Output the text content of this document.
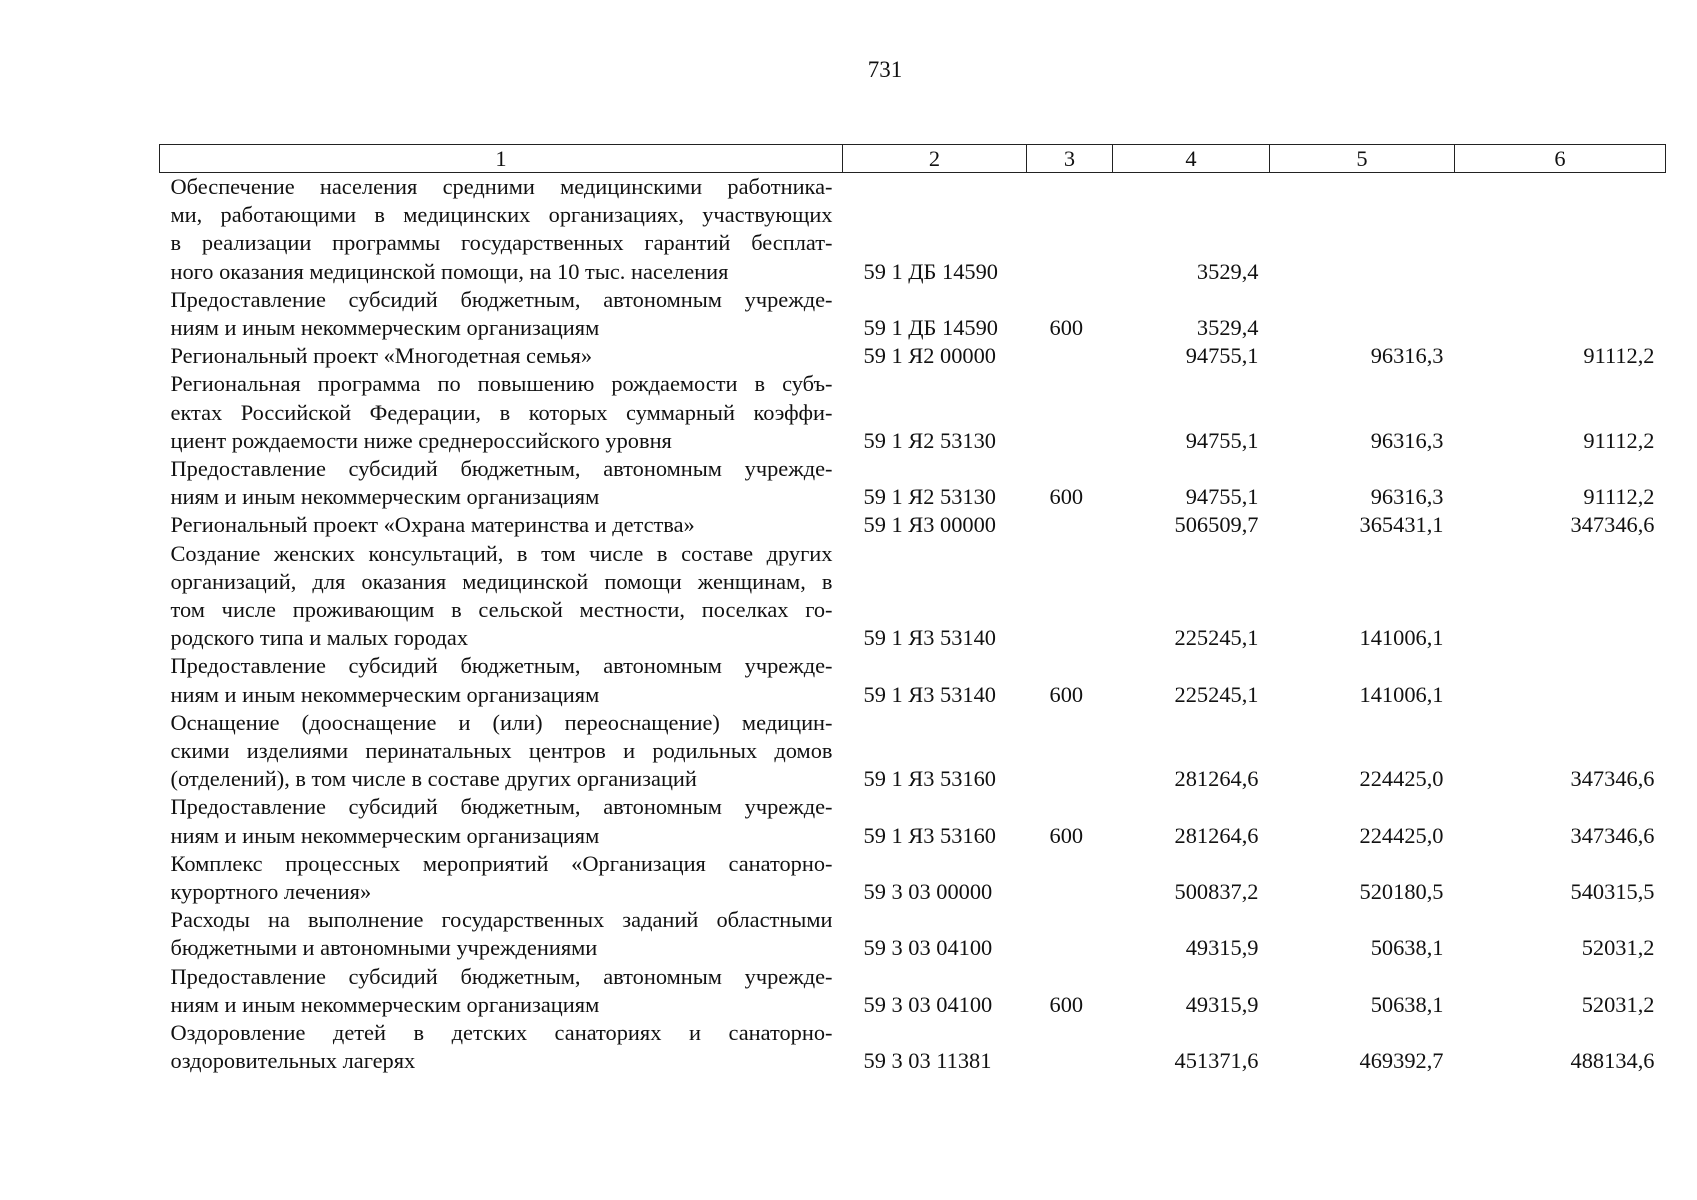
731
1	2	3	4	5	6

Обеспечение населения средними медицинскими работника-
ми, работающими в медицинских организациях, участвующих
в реализации программы государственных гарантий бесплат-
ного оказания медицинской помощи, на 10 тыс. населения	59 1 ДБ 14590		3529,4		

Предоставление субсидий бюджетным, автономным учрежде-
ниям и иным некоммерческим организациям	59 1 ДБ 14590	600	3529,4		

Региональный проект «Многодетная семья»	59 1 Я2 00000		94755,1	96316,3	91112,2

Региональная программа по повышению рождаемости в субъ-
ектах Российской Федерации, в которых суммарный коэффи-
циент рождаемости ниже среднероссийского уровня	59 1 Я2 53130		94755,1	96316,3	91112,2

Предоставление субсидий бюджетным, автономным учрежде-
ниям и иным некоммерческим организациям	59 1 Я2 53130	600	94755,1	96316,3	91112,2

Региональный проект «Охрана материнства и детства»	59 1 Я3 00000		506509,7	365431,1	347346,6

Создание женских консультаций, в том числе в составе других
организаций, для оказания медицинской помощи женщинам, в
том числе проживающим в сельской местности, поселках го-
родского типа и малых городах	59 1 Я3 53140		225245,1	141006,1	

Предоставление субсидий бюджетным, автономным учрежде-
ниям и иным некоммерческим организациям	59 1 Я3 53140	600	225245,1	141006,1	

Оснащение (дооснащение и (или) переоснащение) медицин-
скими изделиями перинатальных центров и родильных домов
(отделений), в том числе в составе других организаций	59 1 Я3 53160		281264,6	224425,0	347346,6

Предоставление субсидий бюджетным, автономным учрежде-
ниям и иным некоммерческим организациям	59 1 Я3 53160	600	281264,6	224425,0	347346,6

Комплекс процессных мероприятий «Организация санаторно-
курортного лечения»	59 3 03 00000		500837,2	520180,5	540315,5

Расходы на выполнение государственных заданий областными
бюджетными и автономными учреждениями	59 3 03 04100		49315,9	50638,1	52031,2

Предоставление субсидий бюджетным, автономным учрежде-
ниям и иным некоммерческим организациям	59 3 03 04100	600	49315,9	50638,1	52031,2

Оздоровление детей в детских санаториях и санаторно-
оздоровительных лагерях	59 3 03 11381		451371,6	469392,7	488134,6
